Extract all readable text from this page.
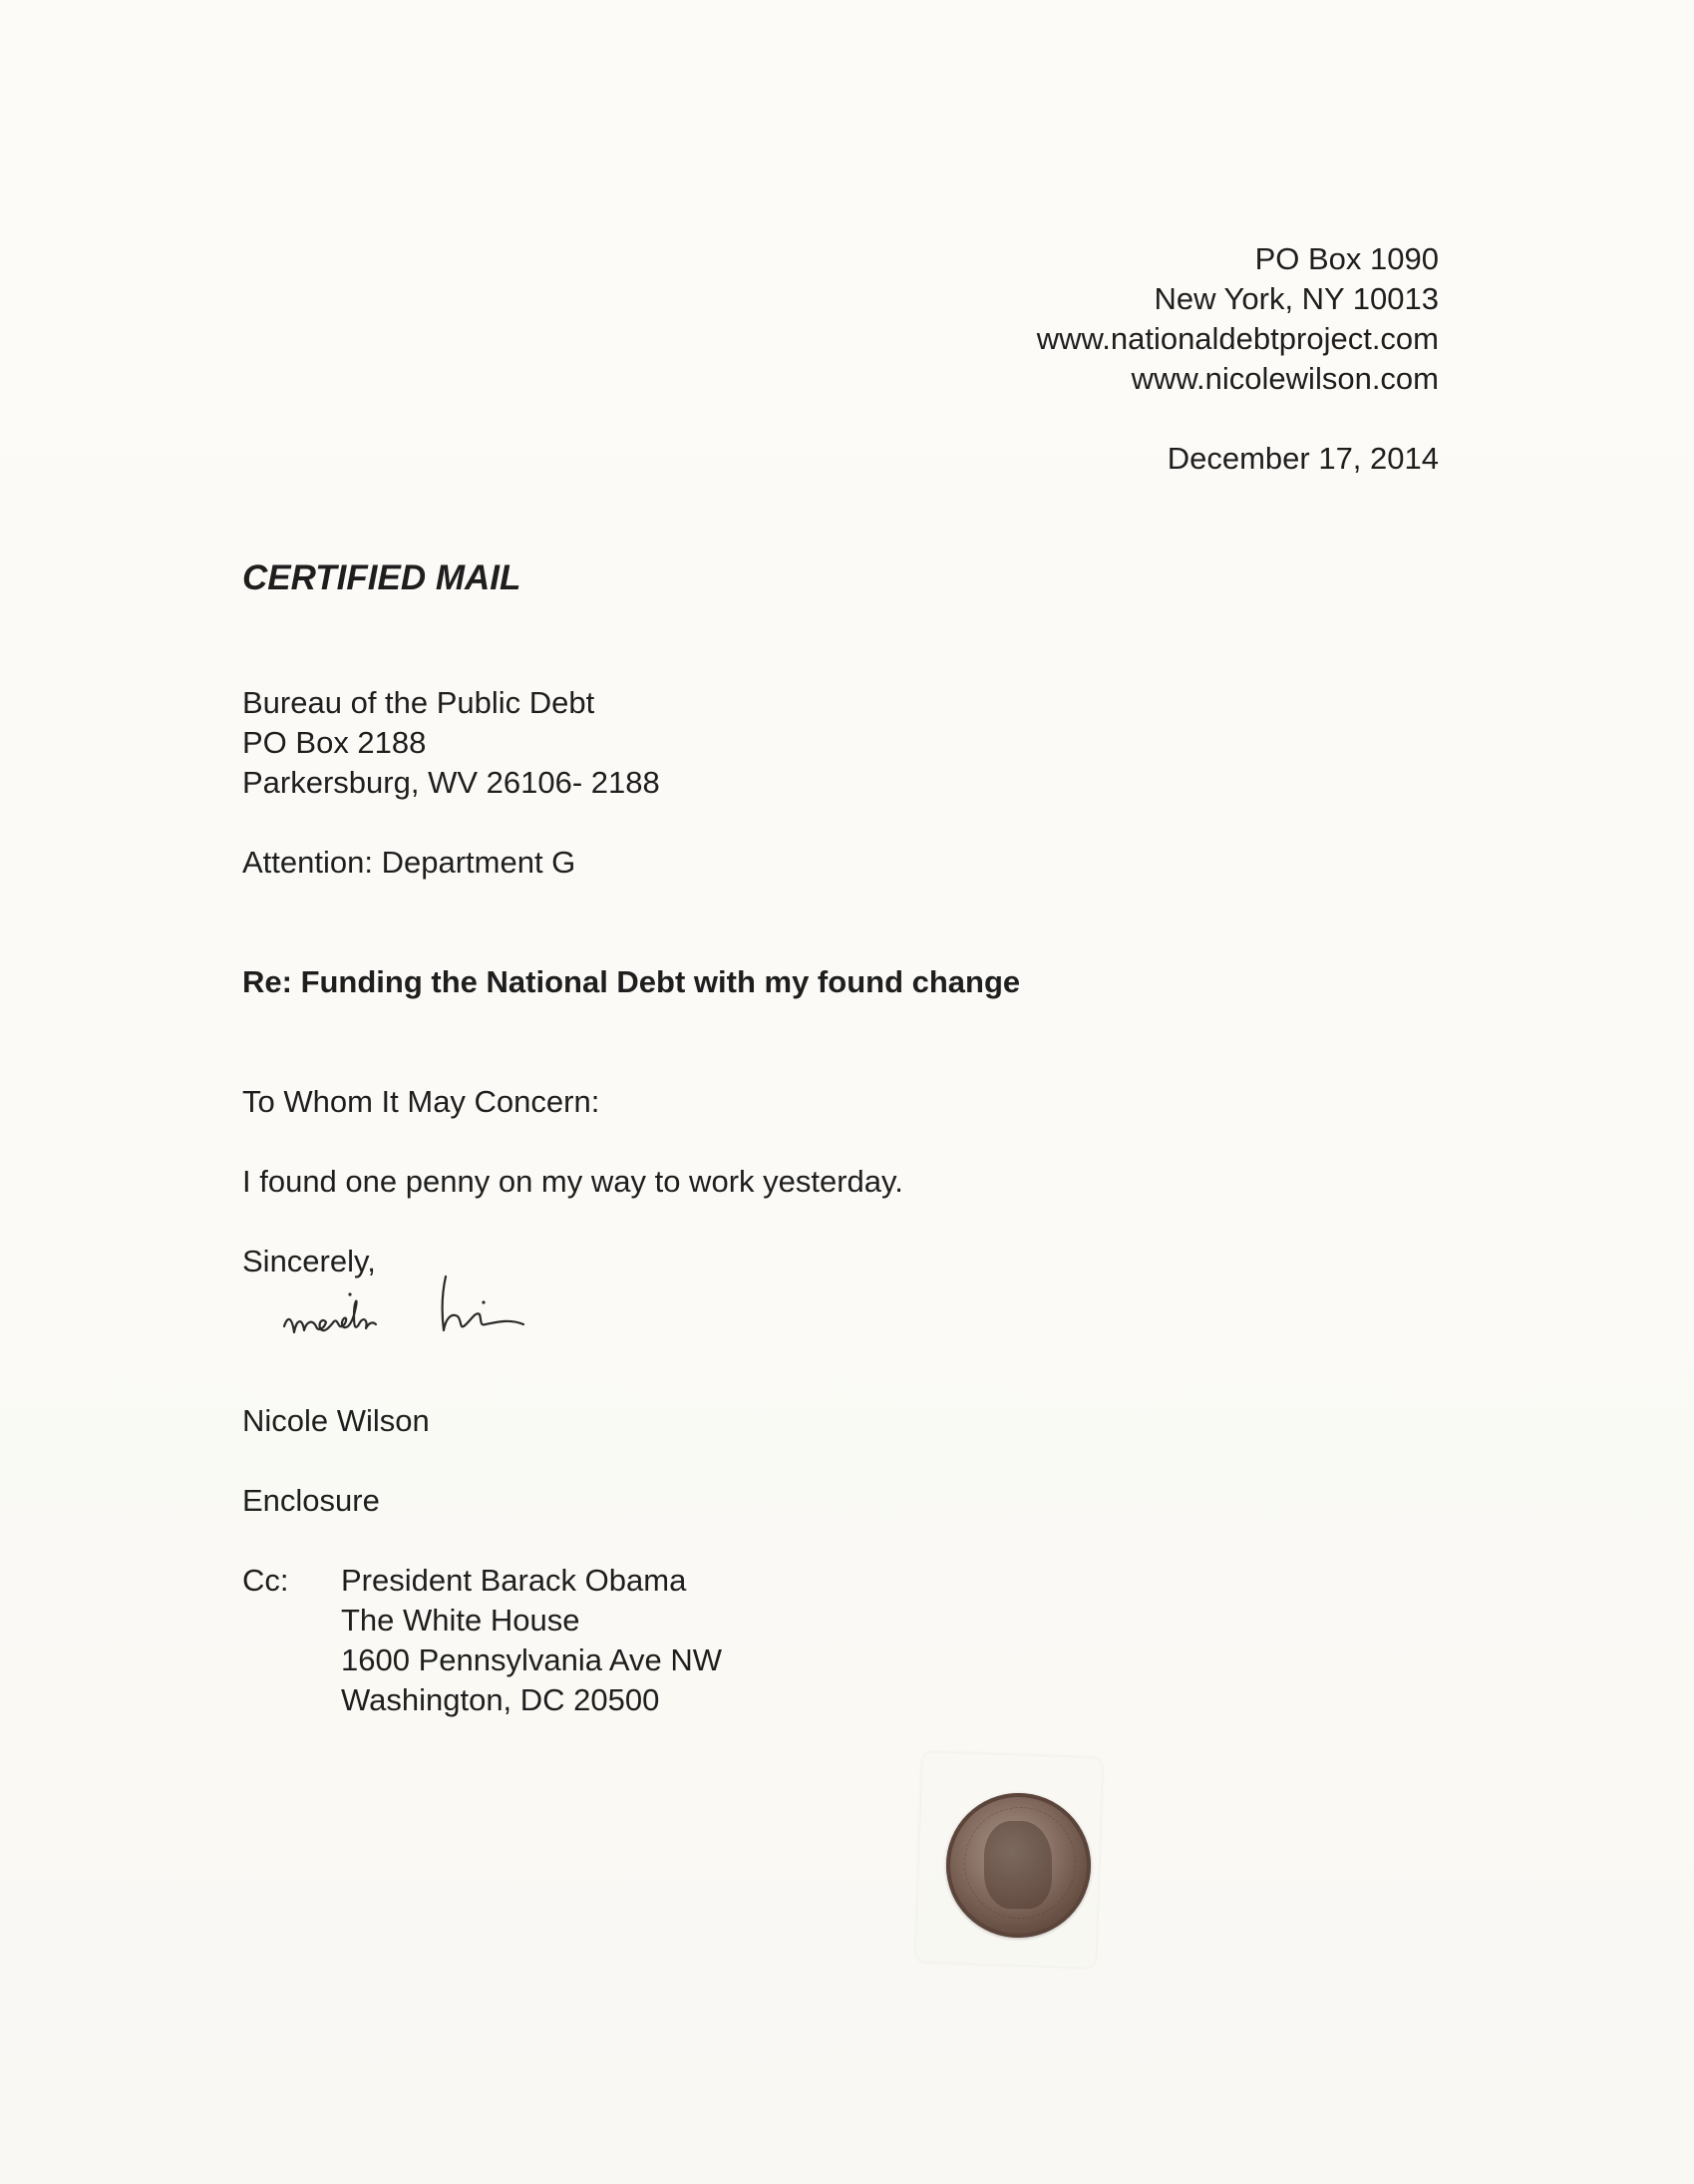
PO Box 1090
New York, NY 10013
www.nationaldebtproject.com
www.nicolewilson.com
December 17, 2014
CERTIFIED MAIL
Bureau of the Public Debt
PO Box 2188
Parkersburg, WV 26106- 2188
Attention: Department G
Re: Funding the National Debt with my found change
To Whom It May Concern:
I found one penny on my way to work yesterday.
Sincerely,
Nicole Wilson
Enclosure
Cc: President Barack Obama
The White House
1600 Pennsylvania Ave NW
Washington, DC 20500
